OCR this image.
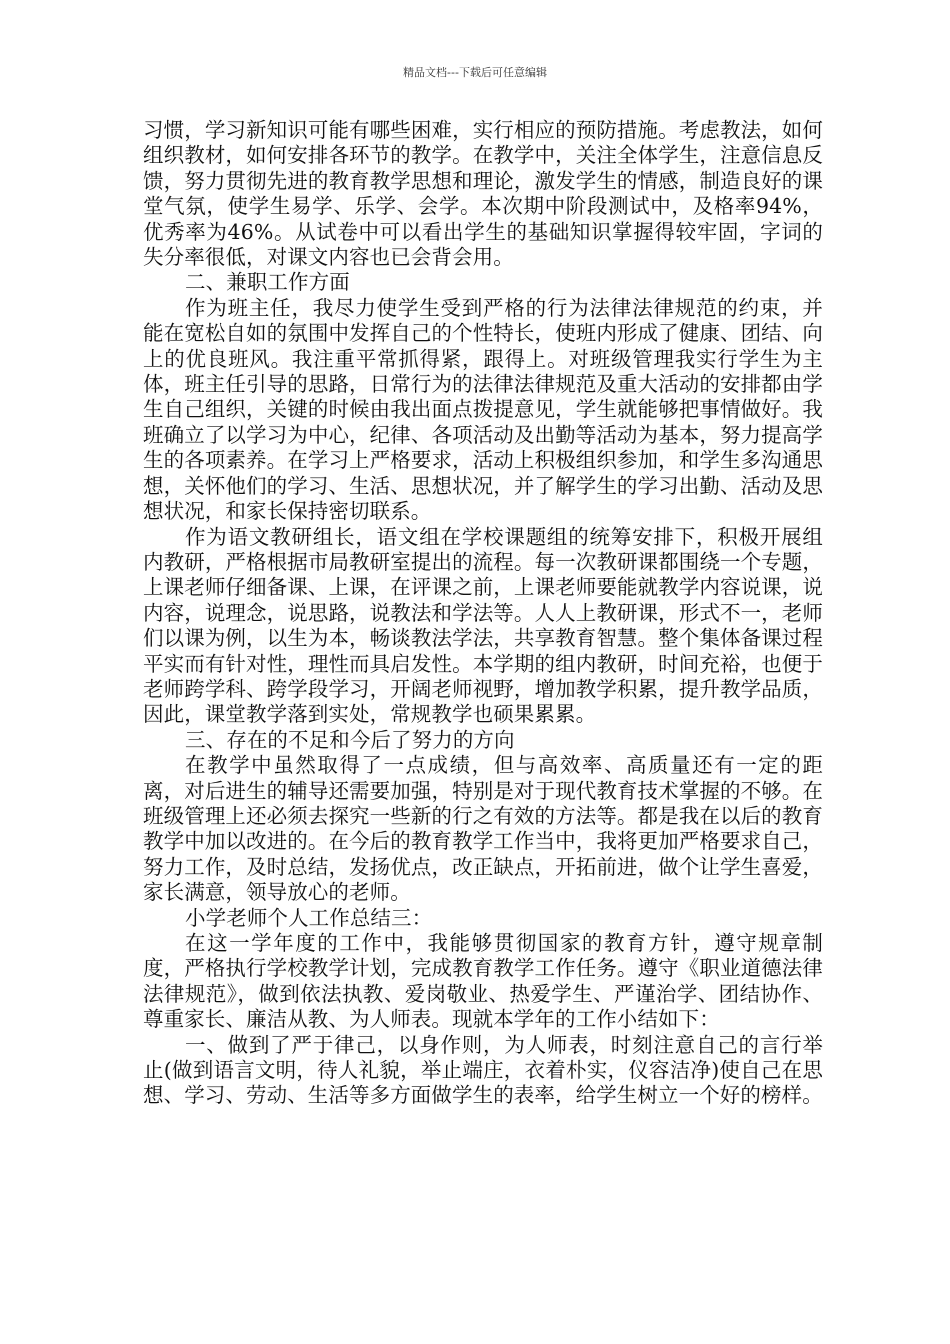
精品文档---下载后可任意编辑

习惯，学习新知识可能有哪些困难，实行相应的预防措施。考虑教法，如何组织教材，如何安排各环节的教学。在教学中，关注全体学生，注意信息反馈，努力贯彻先进的教育教学思想和理论，激发学生的情感，制造良好的课堂气氛，使学生易学、乐学、会学。本次期中阶段测试中，及格率94%，优秀率为46%。从试卷中可以看出学生的基础知识掌握得较牢固，字词的失分率很低，对课文内容也已会背会用。

二、兼职工作方面

作为班主任，我尽力使学生受到严格的行为法律法律规范的约束，并能在宽松自如的氛围中发挥自己的个性特长，使班内形成了健康、团结、向上的优良班风。我注重平常抓得紧，跟得上。对班级管理我实行学生为主体，班主任引导的思路，日常行为的法律法律规范及重大活动的安排都由学生自己组织，关键的时候由我出面点拨提意见，学生就能够把事情做好。我班确立了以学习为中心，纪律、各项活动及出勤等活动为基本，努力提高学生的各项素养。在学习上严格要求，活动上积极组织参加，和学生多沟通思想，关怀他们的学习、生活、思想状况，并了解学生的学习出勤、活动及思想状况，和家长保持密切联系。

作为语文教研组长，语文组在学校课题组的统筹安排下，积极开展组内教研，严格根据市局教研室提出的流程。每一次教研课都围绕一个专题，上课老师仔细备课、上课，在评课之前，上课老师要能就教学内容说课，说内容，说理念，说思路，说教法和学法等。人人上教研课，形式不一，老师们以课为例，以生为本，畅谈教法学法，共享教育智慧。整个集体备课过程平实而有针对性，理性而具启发性。本学期的组内教研，时间充裕，也便于老师跨学科、跨学段学习，开阔老师视野，增加教学积累，提升教学品质，因此，课堂教学落到实处，常规教学也硕果累累。

三、存在的不足和今后了努力的方向

在教学中虽然取得了一点成绩，但与高效率、高质量还有一定的距离，对后进生的辅导还需要加强，特别是对于现代教育技术掌握的不够。在班级管理上还必须去探究一些新的行之有效的方法等。都是我在以后的教育教学中加以改进的。在今后的教育教学工作当中，我将更加严格要求自己，努力工作，及时总结，发扬优点，改正缺点，开拓前进，做个让学生喜爱，家长满意，领导放心的老师。

小学老师个人工作总结三：

在这一学年度的工作中，我能够贯彻国家的教育方针，遵守规章制度，严格执行学校教学计划，完成教育教学工作任务。遵守《职业道德法律法律规范》，做到依法执教、爱岗敬业、热爱学生、严谨治学、团结协作、尊重家长、廉洁从教、为人师表。现就本学年的工作小结如下：

一、做到了严于律己，以身作则，为人师表，时刻注意自己的言行举止(做到语言文明，待人礼貌，举止端庄，衣着朴实，仪容洁净)使自己在思想、学习、劳动、生活等多方面做学生的表率，给学生树立一个好的榜样。
